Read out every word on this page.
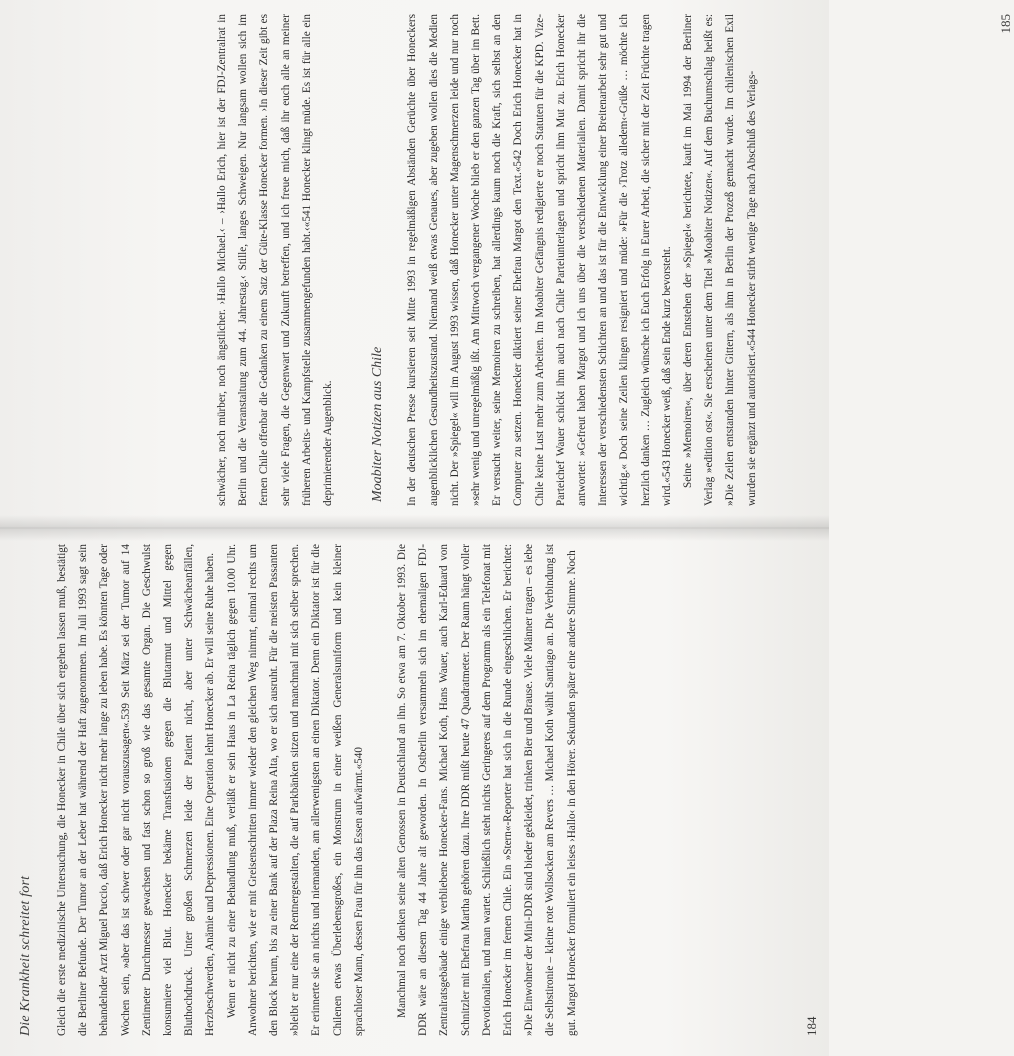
Die Krankheit schreitet fort	Gleich die erste medizinische Untersuchung, die Honecker in Chile über sich ergehen lassen muß, bestätigt die Berliner Befunde. Der Tumor an der Leber hat während der Haft zugenommen. Im Juli 1993 sagt sein behandelnder Arzt Miguel Puccio, daß Erich Honecker nicht mehr lange zu leben habe. Es könnten Tage oder Wochen sein, »aber das ist schwer oder gar nicht vorauszusagen«.539 Seit März sei der Tumor auf 14 Zentimeter Durchmesser gewachsen und fast schon so groß wie das gesamte Organ. Die Geschwulst konsumiere viel Blut. Honecker bekäme Transfusionen gegen die Blutarmut und Mittel gegen Bluthochdruck. Unter großen Schmerzen leide der Patient nicht, aber unter Schwächeanfällen, Herzbeschwerden, Anämie und Depressionen. Eine Operation lehnt Honecker ab. Er will seine Ruhe haben. Wenn er nicht zu einer Behandlung muß, verläßt er sein Haus in La Reina täglich gegen 10.00 Uhr. Anwohner berichten, wie er mit Greisenschritten immer wieder den gleichen Weg nimmt, einmal rechts um den Block herum, bis zu einer Bank auf der Plaza Reina Alta, wo er sich ausruht. Für die meisten Passanten »bleibt er nur eine der Rentnergestalten, die auf Parkbänken sitzen und manchmal mit sich selber sprechen. Er erinnerte sie an nichts und niemanden, am allerwenigsten an einen Diktator. Denn ein Diktator ist für die Chilenen etwas Überlebensgroßes, ein Monstrum in einer weißen Generalsuniform und kein kleiner sprachloser Mann, dessen Frau für ihn das Essen aufwärmt.«540	Manchmal noch denken seine alten Genossen in Deutschland an ihn. So etwa am 7. Oktober 1993. Die DDR wäre an diesem Tag 44 Jahre alt geworden. In Ostberlin versammeln sich im ehemaligen FDJ-Zentralratsgebäude einige verbliebene Honecker-Fans. Michael Koth, Hans Wauer, auch Karl-Eduard von Schnitzler mit Ehefrau Martha gehören dazu. Ihre DDR mißt heute 47 Quadratmeter. Der Raum hängt voller Devotionalien, und man wartet. Schließlich steht nichts Geringeres auf dem Programm als ein Telefonat mit Erich Honecker im fernen Chile. Ein »Stern«-Reporter hat sich in die Runde eingeschlichen. Er berichtet: »Die Einwohner der Mini-DDR sind bieder gekleidet, trinken Bier und Brause. Viele Männer tragen – es lebe die Selbstironie – kleine rote Wollsocken am Revers … Michael Koth wählt Santiago an. Die Verbindung ist gut. Margot Honecker formuliert ein leises ›Hallo‹ in den Hörer. Sekunden später eine andere Stimme. Noch	184

schwächer, noch mürber, noch ängstlicher. ›Hallo Michael.‹ – ›Hallo Erich, hier ist der FDJ-Zentralrat in Berlin und die Veranstaltung zum 44. Jahrestag.‹ Stille, langes Schweigen. Nur langsam wollen sich im fernen Chile offenbar die Gedanken zu einem Satz der Güte-Klasse Honecker formen. ›In dieser Zeit gibt es sehr viele Fragen, die Gegenwart und Zukunft betreffen, und ich freue mich, daß ihr euch alle an meiner früheren Arbeits- und Kampfstelle zusammengefunden habt.‹«541 Honecker klingt müde. Es ist für alle ein deprimierender Augenblick.	Moabiter Notizen aus Chile	In der deutschen Presse kursieren seit Mitte 1993 in regelmäßigen Abständen Gerüchte über Honeckers augenblicklichen Gesundheitszustand. Niemand weiß etwas Genaues, aber zugeben wollen dies die Medien nicht. Der »Spiegel« will im August 1993 wissen, daß Honecker unter Magenschmerzen leide und nur noch »sehr wenig und unregelmäßig ißt. Am Mittwoch vergangener Woche blieb er den ganzen Tag über im Bett. Er versucht weiter, seine Memoiren zu schreiben, hat allerdings kaum noch die Kraft, sich selbst an den Computer zu setzen. Honecker diktiert seiner Ehefrau Margot den Text.«542 Doch Erich Honecker hat in Chile keine Lust mehr zum Arbeiten. Im Moabiter Gefängnis redigierte er noch Statuten für die KPD. Vize-Parteichef Wauer schickt ihm auch nach Chile Parteiunterlagen und spricht ihm Mut zu. Erich Honecker antwortet: »Gefreut haben Margot und ich uns über die verschiedenen Materialien. Damit spricht ihr die Interessen der verschiedensten Schichten an und das ist für die Entwicklung einer Breitenarbeit sehr gut und wichtig.« Doch seine Zeilen klingen resigniert und müde: »Für die ›Trotz alledem‹-Grüße … möchte ich herzlich danken … Zugleich wünsche ich Euch Erfolg in Eurer Arbeit, die sicher mit der Zeit Früchte tragen wird.«543 Honecker weiß, daß sein Ende kurz bevorsteht. Seine »Memoiren«, über deren Entstehen der »Spiegel« berichtete, kauft im Mai 1994 der Berliner Verlag »edition ost«. Sie erscheinen unter dem Titel »Moabiter Notizen«. Auf dem Buchumschlag heißt es: »Die Zeilen entstanden hinter Gittern, als ihm in Berlin der Prozeß gemacht wurde. Im chilenischen Exil wurden sie ergänzt und autorisiert.«544 Honecker stirbt wenige Tage nach Abschluß des Verlags-

185
